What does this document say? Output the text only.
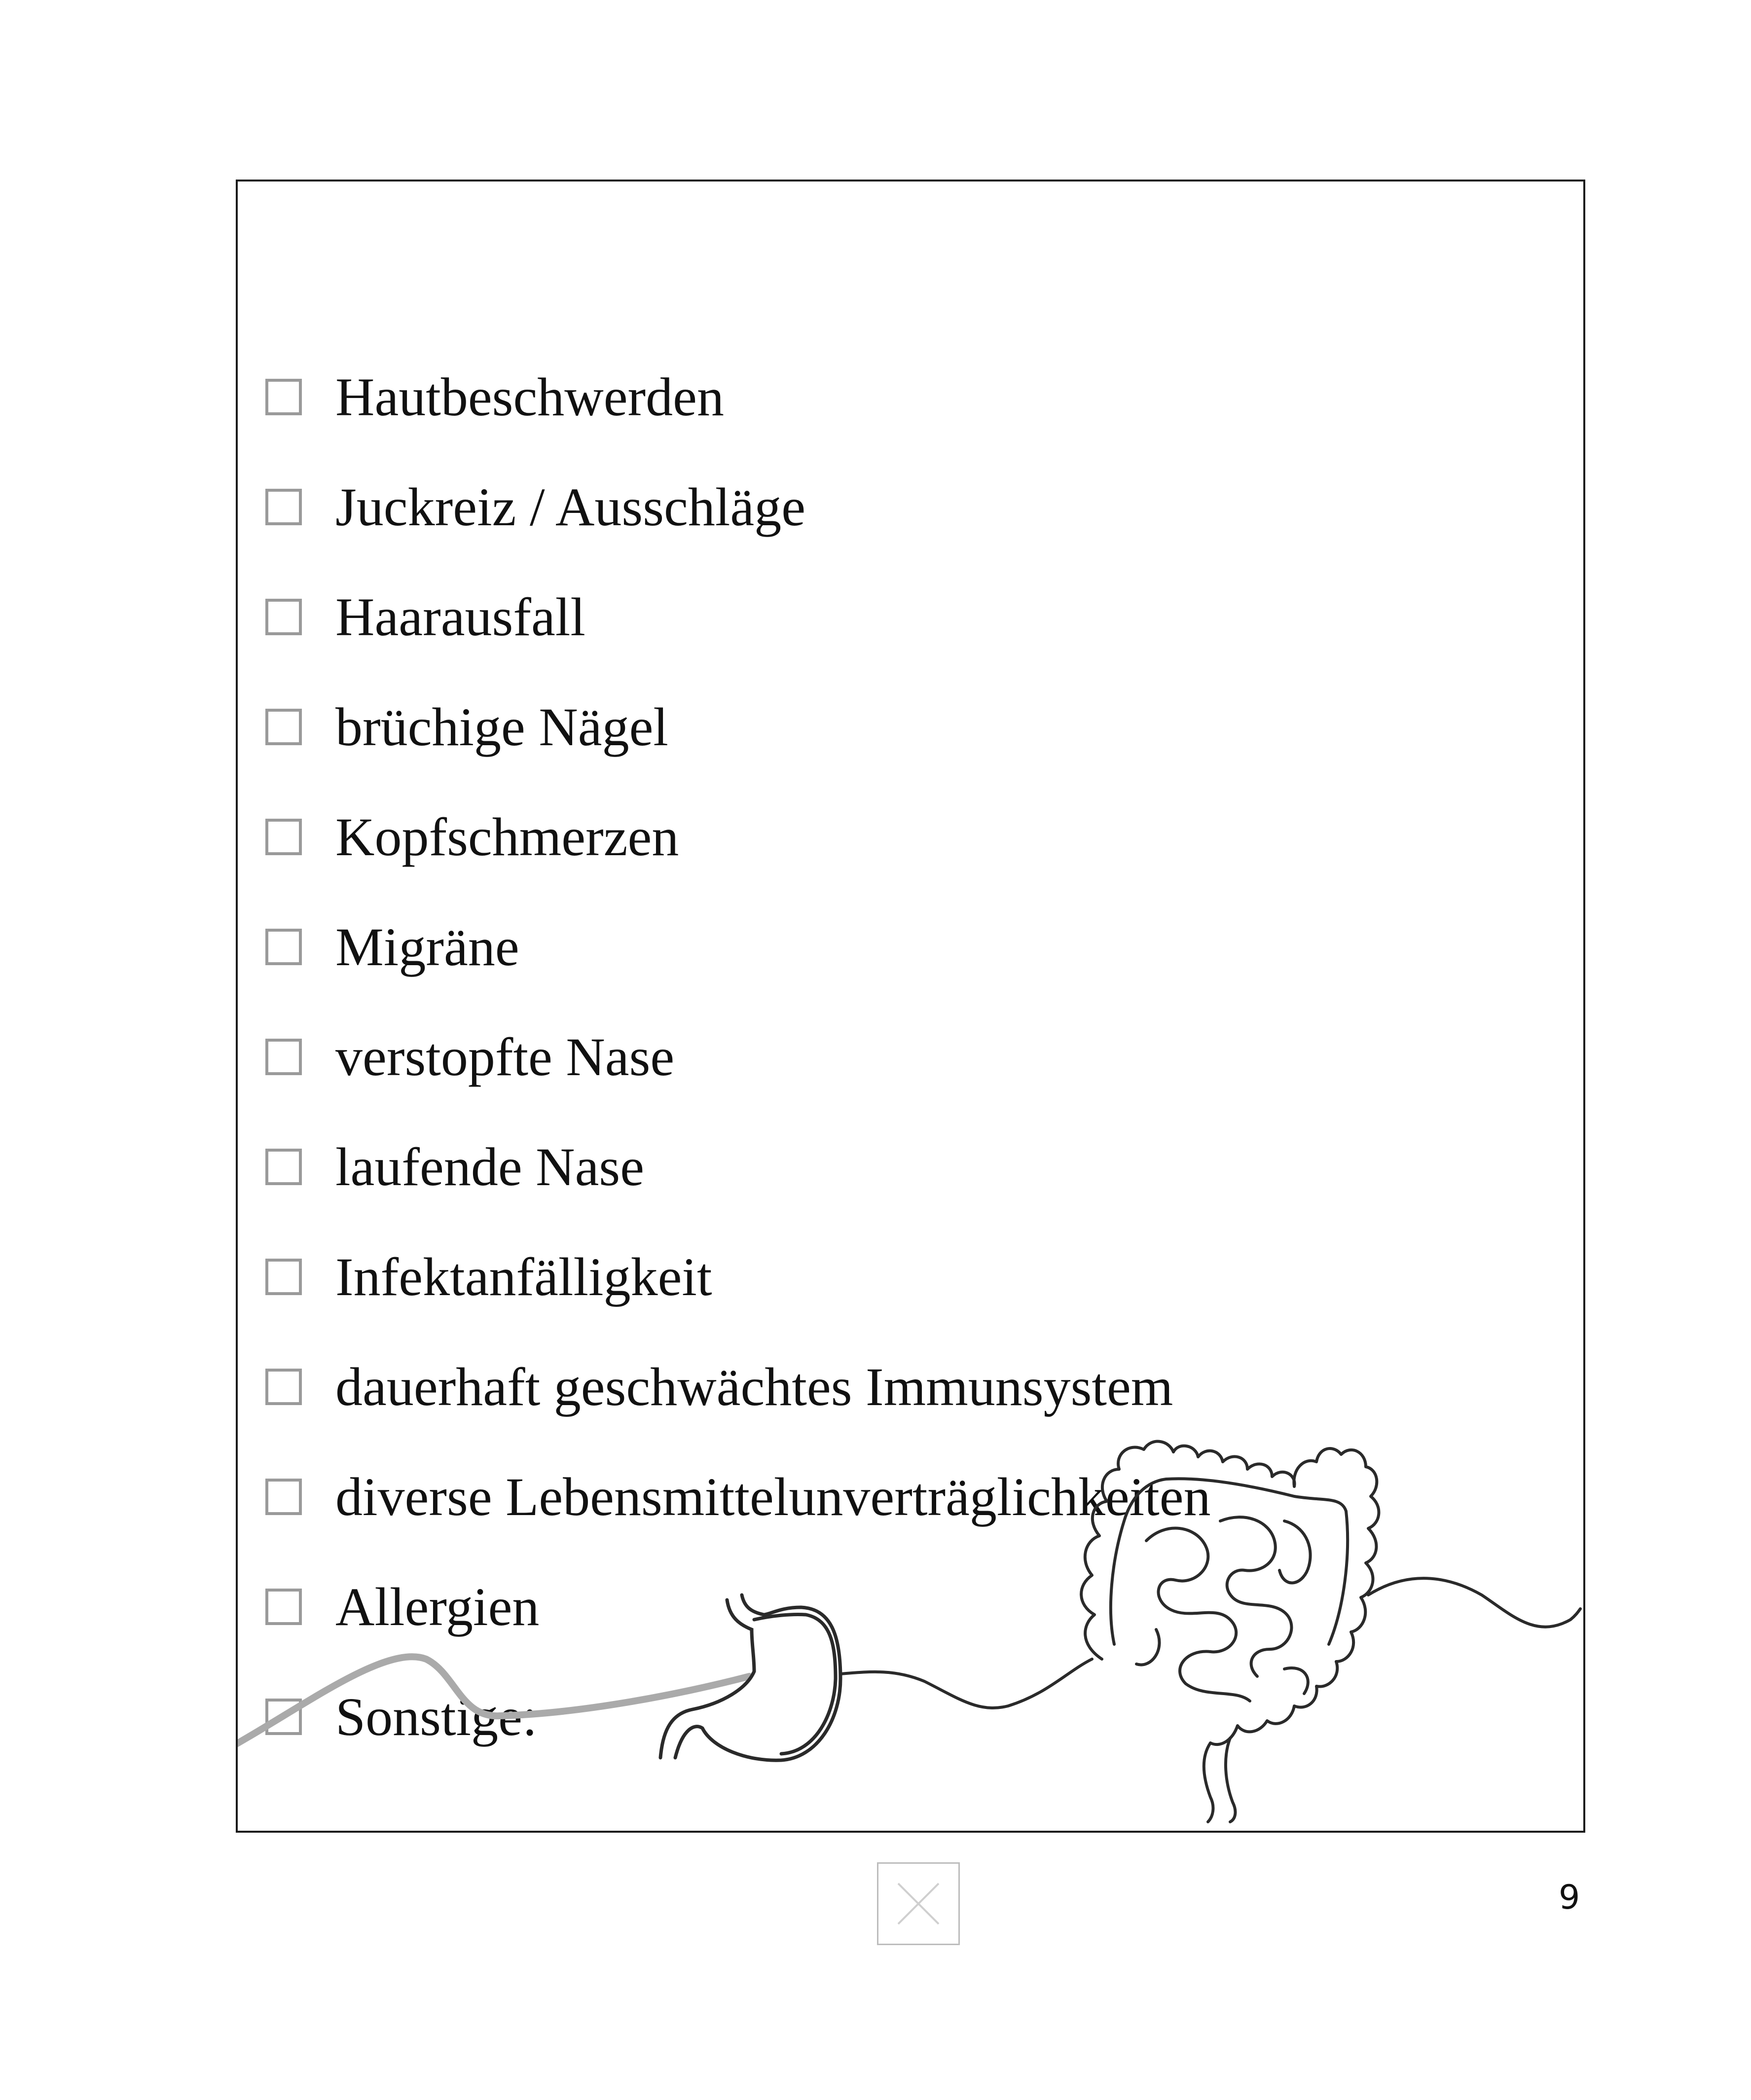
Hautbeschwerden
Juckreiz / Ausschläge
Haarausfall
brüchige Nägel
Kopfschmerzen
Migräne
verstopfte Nase
laufende Nase
Infektanfälligkeit
dauerhaft geschwächtes Immunsystem
diverse Lebensmittelunverträglichkeiten
Allergien
Sonstige:
9
